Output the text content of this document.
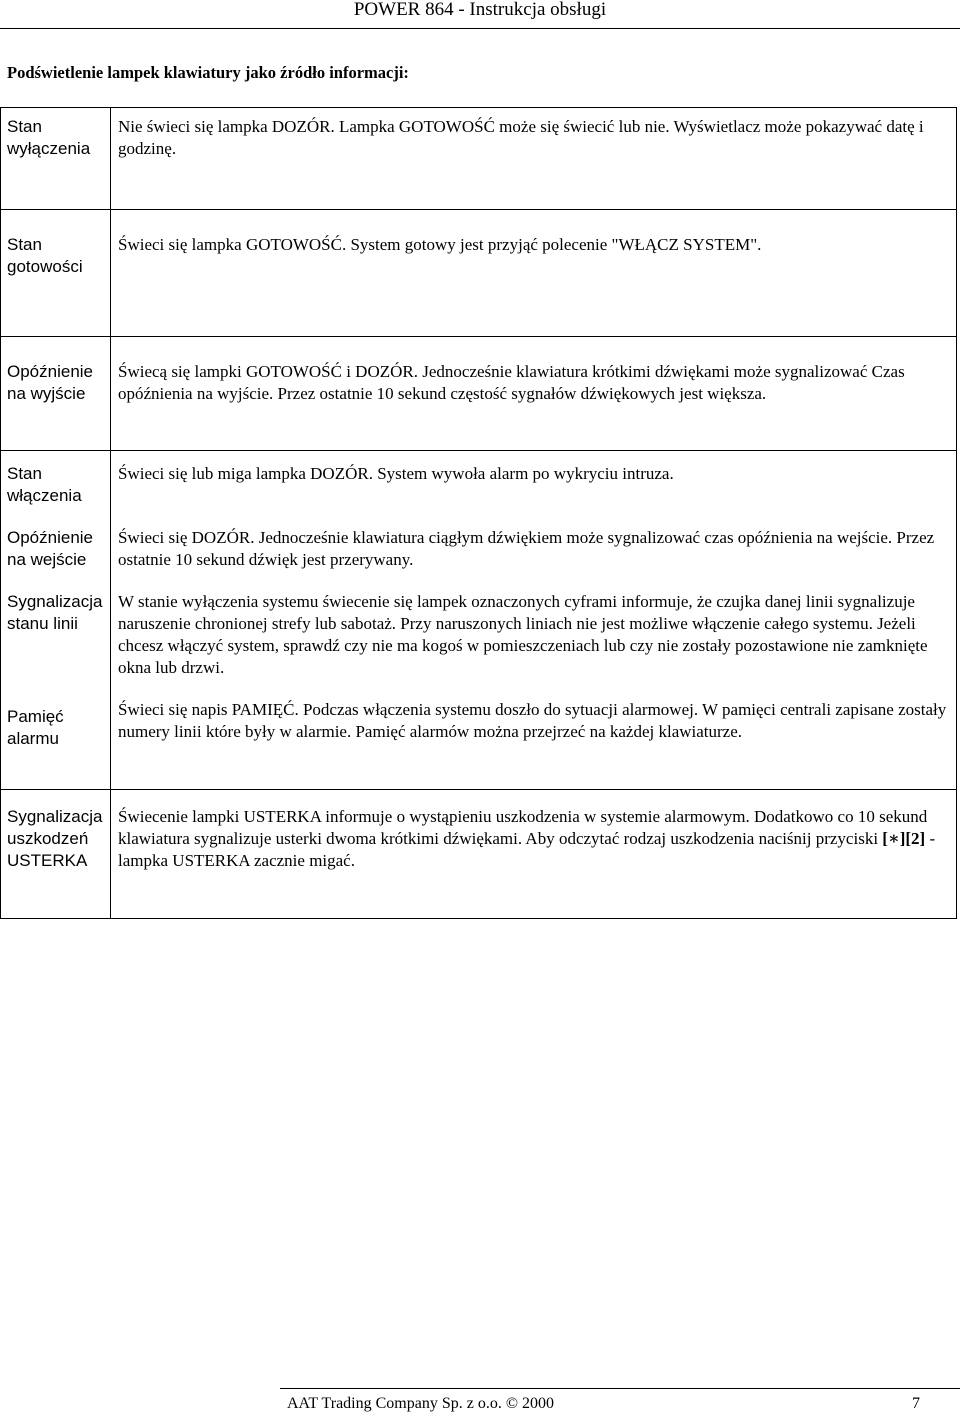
POWER 864 - Instrukcja obsługi
Podświetlenie lampek klawiatury jako źródło informacji:
Stan
wyłączenia
Nie świeci się lampka DOZÓR. Lampka GOTOWOŚĆ może się świecić lub nie. Wyświetlacz może pokazywać datę i godzinę.
Stan
gotowości
Świeci się lampka GOTOWOŚĆ. System gotowy jest przyjąć polecenie "WŁĄCZ SYSTEM".
Opóźnienie
na wyjście
Świecą się lampki GOTOWOŚĆ i DOZÓR. Jednocześnie klawiatura krótkimi dźwiękami może sygnalizować Czas opóźnienia na wyjście. Przez ostatnie 10 sekund częstość sygnałów dźwiękowych jest większa.
Stan
włączenia
Opóźnienie
na wejście
Sygnalizacja
stanu linii
Pamięć
alarmu
Świeci się lub miga lampka DOZÓR. System wywoła alarm po wykryciu intruza.
Świeci się DOZÓR. Jednocześnie klawiatura ciągłym dźwiękiem może sygnalizować czas opóźnienia na wejście. Przez ostatnie 10 sekund dźwięk jest przerywany.
W stanie wyłączenia systemu świecenie się lampek oznaczonych cyframi informuje, że czujka danej linii sygnalizuje naruszenie chronionej strefy lub sabotaż. Przy naruszonych liniach nie jest możliwe włączenie całego systemu. Jeżeli chcesz włączyć system, sprawdź czy nie ma kogoś w pomieszczeniach lub czy nie zostały pozostawione nie zamknięte okna lub drzwi.
Świeci się napis PAMIĘĆ. Podczas włączenia systemu doszło do sytuacji alarmowej. W pamięci centrali zapisane zostały numery linii które były w alarmie. Pamięć alarmów można przejrzeć na każdej klawiaturze.
Sygnalizacja
uszkodzeń
USTERKA
Świecenie lampki USTERKA informuje o wystąpieniu uszkodzenia w systemie alarmowym. Dodatkowo co 10 sekund klawiatura sygnalizuje usterki dwoma krótkimi dźwiękami. Aby odczytać rodzaj uszkodzenia naciśnij przyciski [∗][2] - lampka USTERKA zacznie migać.
AAT Trading Company Sp. z o.o. © 2000	7
